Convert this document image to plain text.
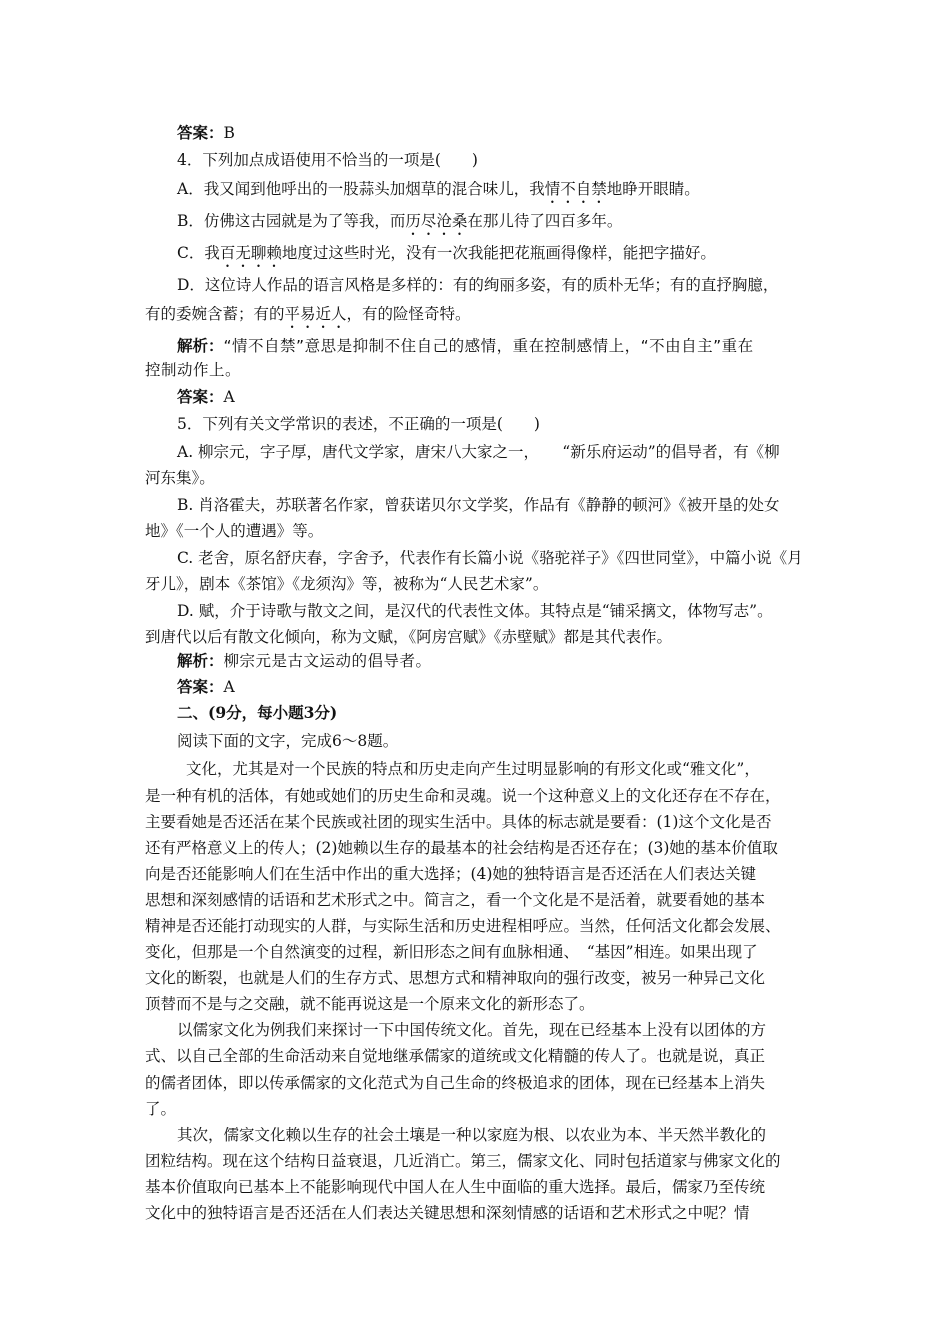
答案：B
4．下列加点成语使用不恰当的一项是(　　)
A．我又闻到他呼出的一股蒜头加烟草的混合味儿，我情不自禁地睁开眼睛。
B．仿佛这古园就是为了等我，而历尽沧桑在那儿待了四百多年。
C．我百无聊赖地度过这些时光，没有一次我能把花瓶画得像样，能把字描好。
D．这位诗人作品的语言风格是多样的：有的绚丽多姿，有的质朴无华；有的直抒胸臆，
有的委婉含蓄；有的平易近人，有的险怪奇特。
解析：“情不自禁”意思是抑制不住自己的感情，重在控制感情上，“不由自主”重在
控制动作上。
答案：A
5．下列有关文学常识的表述，不正确的一项是(　　)
A. 柳宗元，字子厚，唐代文学家，唐宋八大家之一，　　“新乐府运动”的倡导者，有《柳
河东集》。
B. 肖洛霍夫，苏联著名作家，曾获诺贝尔文学奖，作品有《静静的顿河》《被开垦的处女
地》《一个人的遭遇》等。
C. 老舍，原名舒庆春，字舍予，代表作有长篇小说《骆驼祥子》《四世同堂》，中篇小说《月
牙儿》，剧本《茶馆》《龙须沟》等，被称为“人民艺术家”。
D. 赋，介于诗歌与散文之间，是汉代的代表性文体。其特点是“铺采摛文，体物写志”。
到唐代以后有散文化倾向，称为文赋，《阿房宫赋》《赤壁赋》都是其代表作。
解析：柳宗元是古文运动的倡导者。
答案：A
二、(9分，每小题3分)
阅读下面的文字，完成6～8题。
文化，尤其是对一个民族的特点和历史走向产生过明显影响的有形文化或“雅文化”，
是一种有机的活体，有她或她们的历史生命和灵魂。说一个这种意义上的文化还存在不存在，
主要看她是否还活在某个民族或社团的现实生活中。具体的标志就是要看：(1)这个文化是否
还有严格意义上的传人；(2)她赖以生存的最基本的社会结构是否还存在；(3)她的基本价值取
向是否还能影响人们在生活中作出的重大选择；(4)她的独特语言是否还活在人们表达关键
思想和深刻感情的话语和艺术形式之中。简言之，看一个文化是不是活着，就要看她的基本
精神是否还能打动现实的人群，与实际生活和历史进程相呼应。当然，任何活文化都会发展、
变化，但那是一个自然演变的过程，新旧形态之间有血脉相通、　“基因”相连。如果出现了
文化的断裂，也就是人们的生存方式、思想方式和精神取向的强行改变，被另一种异己文化
顶替而不是与之交融，就不能再说这是一个原来文化的新形态了。
以儒家文化为例我们来探讨一下中国传统文化。首先，现在已经基本上没有以团体的方
式、以自己全部的生命活动来自觉地继承儒家的道统或文化精髓的传人了。也就是说，真正
的儒者团体，即以传承儒家的文化范式为自己生命的终极追求的团体，现在已经基本上消失
了。
其次，儒家文化赖以生存的社会土壤是一种以家庭为根、以农业为本、半天然半教化的
团粒结构。现在这个结构日益衰退，几近消亡。第三，儒家文化、同时包括道家与佛家文化的
基本价值取向已基本上不能影响现代中国人在人生中面临的重大选择。最后，儒家乃至传统
文化中的独特语言是否还活在人们表达关键思想和深刻情感的话语和艺术形式之中呢？情
